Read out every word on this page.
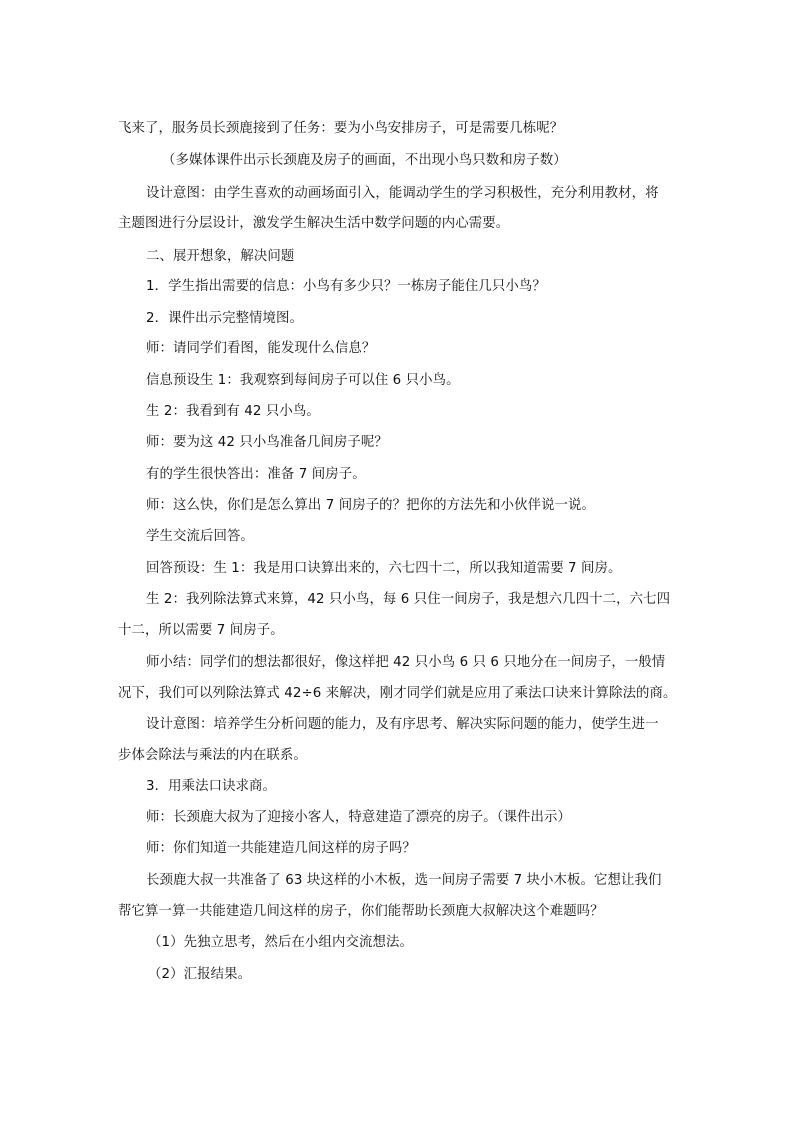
飞来了，服务员长颈鹿接到了任务：要为小鸟安排房子，可是需要几栋呢？
（多媒体课件出示长颈鹿及房子的画面，不出现小鸟只数和房子数）
设计意图：由学生喜欢的动画场面引入，能调动学生的学习积极性，充分利用教材，将
主题图进行分层设计，激发学生解决生活中数学问题的内心需要。
二、展开想象，解决问题
1．学生指出需要的信息：小鸟有多少只？一栋房子能住几只小鸟？
2．课件出示完整情境图。
师：请同学们看图，能发现什么信息？
信息预设生 1：我观察到每间房子可以住 6 只小鸟。
生 2：我看到有 42 只小鸟。
师：要为这 42 只小鸟准备几间房子呢？
有的学生很快答出：准备 7 间房子。
师：这么快，你们是怎么算出 7 间房子的？把你的方法先和小伙伴说一说。
学生交流后回答。
回答预设：生 1：我是用口诀算出来的，六七四十二，所以我知道需要 7 间房。
生 2：我列除法算式来算，42 只小鸟，每 6 只住一间房子，我是想六几四十二，六七四
十二，所以需要 7 间房子。
师小结：同学们的想法都很好，像这样把 42 只小鸟 6 只 6 只地分在一间房子，一般情
况下，我们可以列除法算式 42÷6 来解决，刚才同学们就是应用了乘法口诀来计算除法的商。
设计意图：培养学生分析问题的能力，及有序思考、解决实际问题的能力，使学生进一
步体会除法与乘法的内在联系。
3．用乘法口诀求商。
师：长颈鹿大叔为了迎接小客人，特意建造了漂亮的房子。（课件出示）
师：你们知道一共能建造几间这样的房子吗？
长颈鹿大叔一共准备了 63 块这样的小木板，选一间房子需要 7 块小木板。它想让我们
帮它算一算一共能建造几间这样的房子，你们能帮助长颈鹿大叔解决这个难题吗？
（1）先独立思考，然后在小组内交流想法。
（2）汇报结果。
